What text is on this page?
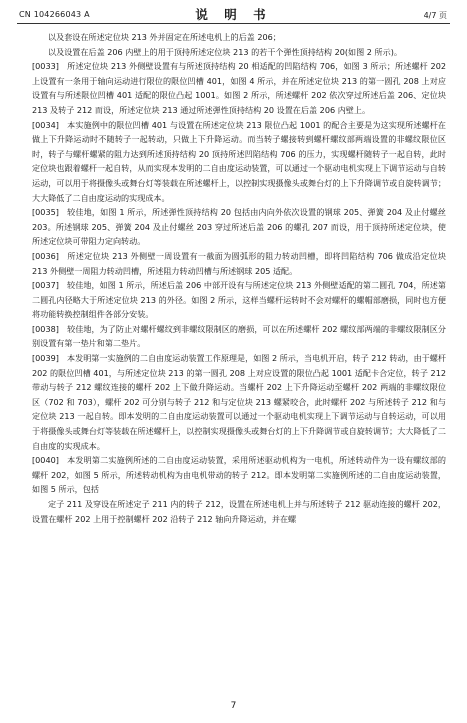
CN 104266043 A	说 明 书	4/7 页

以及套设在所述定位块 213 外并固定在所述电机上的后盖 206；

以及设置在后盖 206 内壁上的用于顶持所述定位块 213 的若干个弹性顶持结构 20(如图 2 所示)。

[0033]  所述定位块 213 外侧壁设置有与所述顶持结构 20 相适配的凹陷结构 706，如图 3 所示；所述螺杆 202 上设置有一条用于轴向运动进行限位的限位凹槽 401，如图 4 所示，并在所述定位块 213 的第一圆孔 208 上对应设置有与所述限位凹槽 401 适配的限位凸起 1001。如图 2 所示，所述螺杆 202 依次穿过所述后盖 206、定位块 213 及转子 212 而设，所述定位块 213 通过所述弹性顶持结构 20 设置在后盖 206 内壁上。

[0034]  本实施例中的限位凹槽 401 与设置在所述定位块 213 限位凸起 1001 的配合主要是为这实现所述螺杆在做上下升降运动时不随转子一起转动，只做上下升降运动。而当转子螺接转到螺杆螺纹部两端设置的非螺纹限位区时，转子与螺杆螺紧的阻力达到所述顶持结构 20 顶持所述凹陷结构 706 的压力，实现螺杆随转子一起自转，此时定位块也跟着螺杆一起自转，从而实现本发明的二自由度运动装置，可以通过一个驱动电机实现上下调节运动与自转运动，可以用于将摄像头或舞台灯等装载在所述螺杆上，以控制实现摄像头或舞台灯的上下升降调节或自旋转调节；大大降低了二自由度运动的实现成本。

[0035]  较佳地，如图 1 所示，所述弹性顶持结构 20 包括由内向外依次设置的钢球 205、弹簧 204 及止付螺丝 203。所述钢球 205、弹簧 204 及止付螺丝 203 穿过所述后盖 206 的螺孔 207 而设，用于顶持所述定位块，使所述定位块可带阻力定向转动。

[0036]  所述定位块 213 外侧壁一周设置有一截面为圆弧形的阻力转动凹槽，即将凹陷结构 706 做成沿定位块 213 外侧壁一周阻力转动凹槽，所述阻力转动凹槽与所述钢球 205 适配。

[0037]  较佳地，如图 1 所示，所述后盖 206 中部开设有与所述定位块 213 外侧壁适配的第二圆孔 704，所述第二圆孔内径略大于所述定位块 213 的外径。如图 2 所示，这样当螺杆运转时不会对螺杆的螺帽部磨损，同时也方便将功能转换控制组件各部分安装。

[0038]  较佳地，为了防止对螺杆螺纹到非螺纹限制区的磨损，可以在所述螺杆 202 螺纹部两端的非螺纹限制区分别设置有第一垫片和第二垫片。

[0039]  本发明第一实施例的二自由度运动装置工作原理是，如图 2 所示，当电机开启，转子 212 转动，由于螺杆 202 的限位凹槽 401，与所述定位块 213 的第一圆孔 208 上对应设置的限位凸起 1001 适配卡合定位，转子 212 带动与转子 212 螺纹连接的螺杆 202 上下做升降运动。当螺杆 202 上下升降运动至螺杆 202 两端的非螺纹限位区（702 和 703），螺杆 202 可分别与转子 212 和与定位块 213 螺紧咬合，此时螺杆 202 与所述转子 212 和与定位块 213 一起自转。即本发明的二自由度运动装置可以通过一个驱动电机实现上下调节运动与自转运动，可以用于将摄像头或舞台灯等装载在所述螺杆上，以控制实现摄像头或舞台灯的上下升降调节或自旋转调节；大大降低了二自由度的实现成本。

[0040]  本发明第二实施例所述的二自由度运动装置，采用所述驱动机构为一电机，所述转动件为一设有螺纹部的螺杆 202，如图 5 所示，所述转动机构为由电机带动的转子 212。即本发明第二实施例所述的二自由度运动装置，如图 5 所示，包括

定子 211 及穿设在所述定子 211 内的转子 212，设置在所述电机上并与所述转子 212 驱动连接的螺杆 202，设置在螺杆 202 上用于控制螺杆 202 沿转子 212 轴向升降运动，并在螺

7
